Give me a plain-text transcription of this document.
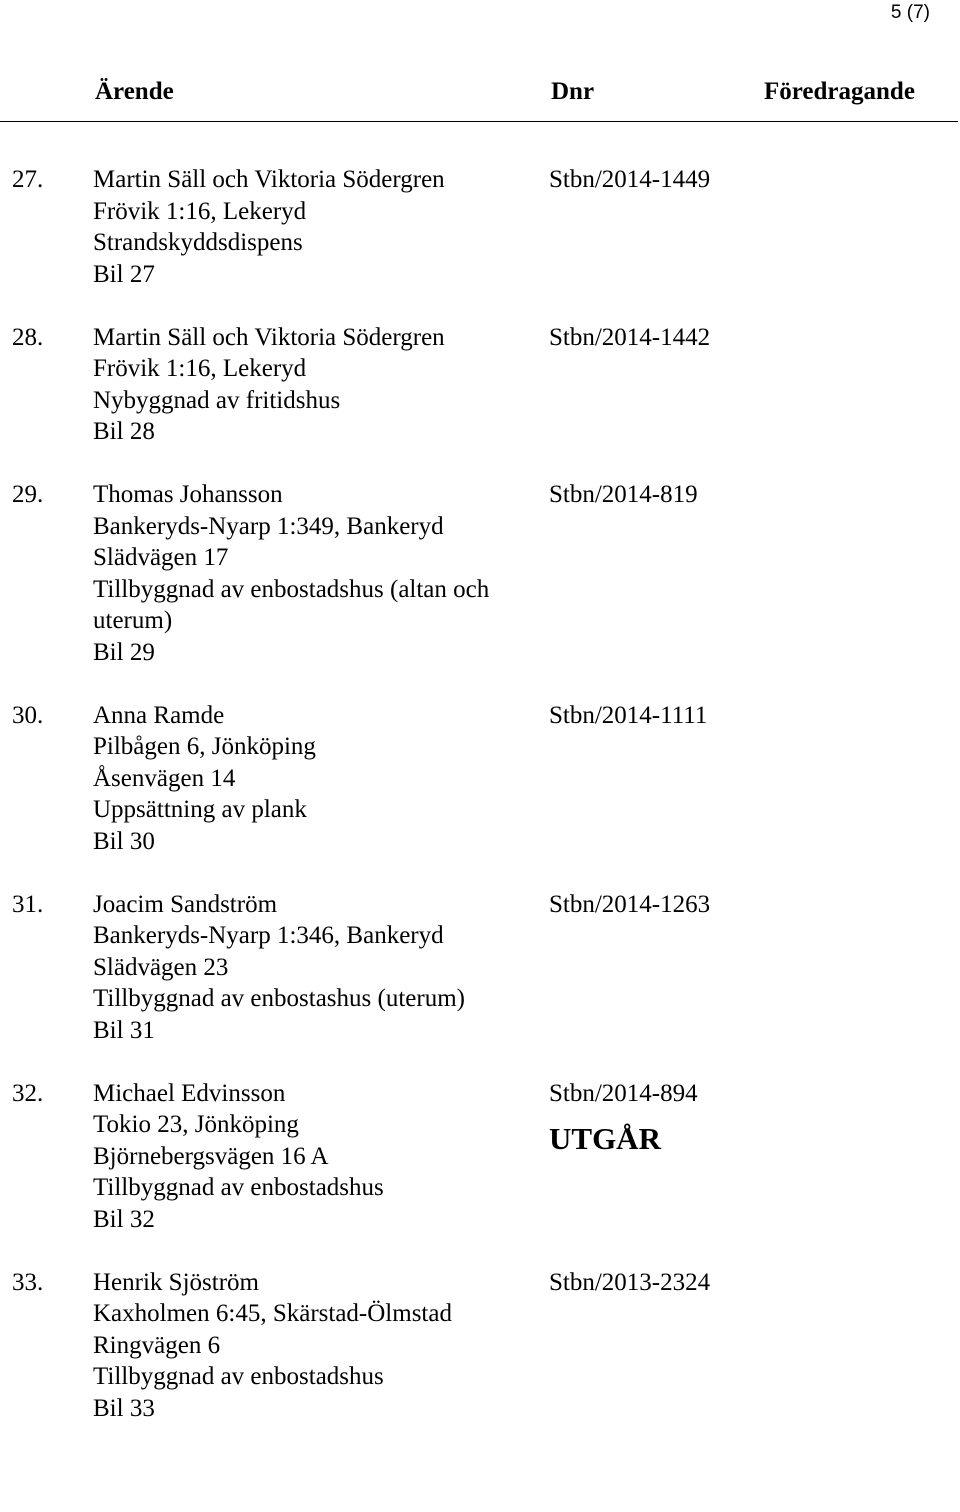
5 (7)
Ärende	Dnr	Föredragande
27. Martin Säll och Viktoria Södergren
Frövik 1:16, Lekeryd
Strandskyddsdispens
Bil 27
Stbn/2014-1449
28. Martin Säll och Viktoria Södergren
Frövik 1:16, Lekeryd
Nybyggnad av fritidshus
Bil 28
Stbn/2014-1442
29. Thomas Johansson
Bankeryds-Nyarp 1:349, Bankeryd
Slädvägen 17
Tillbyggnad av enbostadshus (altan och uterum)
Bil 29
Stbn/2014-819
30. Anna Ramde
Pilbågen 6, Jönköping
Åsenvägen 14
Uppsättning av plank
Bil 30
Stbn/2014-1111
31. Joacim Sandström
Bankeryds-Nyarp 1:346, Bankeryd
Slädvägen 23
Tillbyggnad av enbostashus (uterum)
Bil 31
Stbn/2014-1263
32. Michael Edvinsson
Tokio 23, Jönköping
Björnebergsvägen 16 A
Tillbyggnad av enbostadshus
Bil 32
Stbn/2014-894
UTGÅR
33. Henrik Sjöström
Kaxholmen 6:45, Skärstad-Ölmstad
Ringvägen 6
Tillbyggnad av enbostadshus
Bil 33
Stbn/2013-2324
